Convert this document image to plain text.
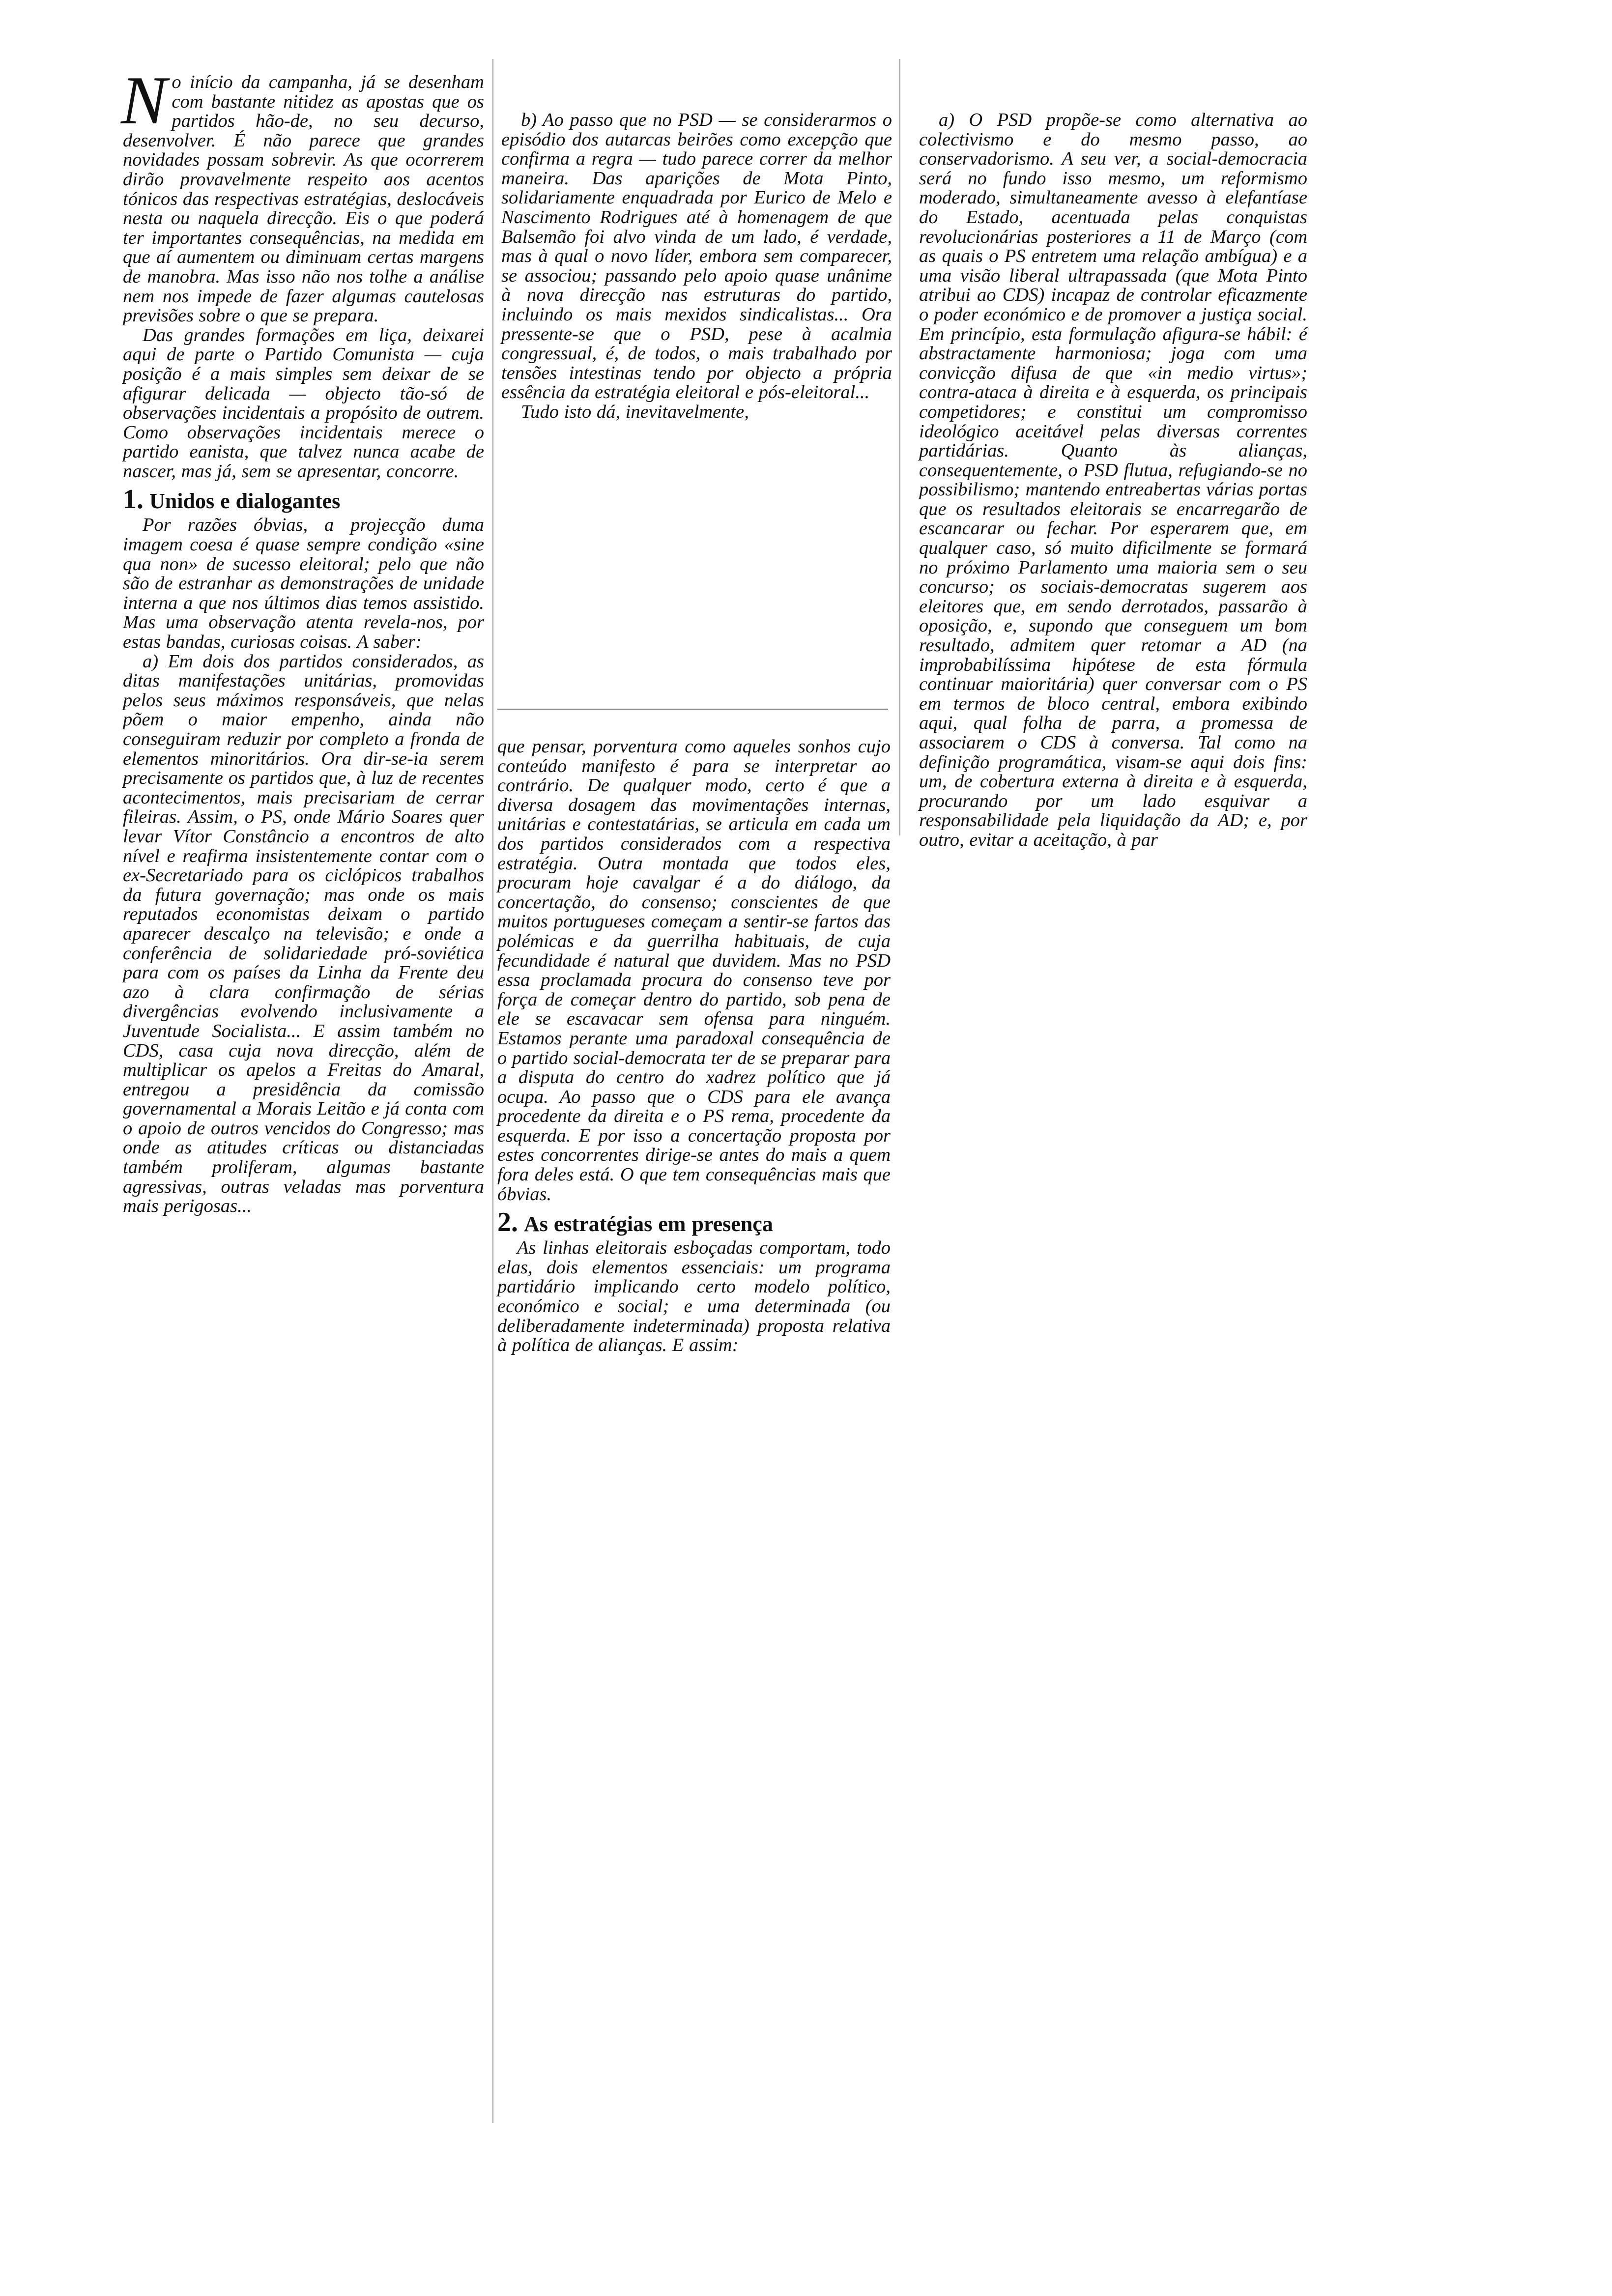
No início da campanha, já se desenham com bastante nitidez as apostas que os partidos hão-de, no seu decurso, desenvolver. É não parece que grandes novidades possam sobrevir. As que ocorrerem dirão provavelmente respeito aos acentos tónicos das respectivas estratégias, deslocáveis nesta ou naquela direcção. Eis o que poderá ter importantes consequências, na medida em que aí aumentem ou diminuam certas margens de manobra. Mas isso não nos tolhe a análise nem nos impede de fazer algumas cautelosas previsões sobre o que se prepara.

Das grandes formações em liça, deixarei aqui de parte o Partido Comunista — cuja posição é a mais simples sem deixar de se afigurar delicada — objecto tão-só de observações incidentais a propósito de outrem. Como observações incidentais merece o partido eanista, que talvez nunca acabe de nascer, mas já, sem se apresentar, concorre.

1. Unidos e dialogantes

Por razões óbvias, a projecção duma imagem coesa é quase sempre condição «sine qua non» de sucesso eleitoral; pelo que não são de estranhar as demonstrações de unidade interna a que nos últimos dias temos assistido. Mas uma observação atenta revela-nos, por estas bandas, curiosas coisas. A saber:

a) Em dois dos partidos considerados, as ditas manifestações unitárias, promovidas pelos seus máximos responsáveis, que nelas põem o maior empenho, ainda não conseguiram reduzir por completo a fronda de elementos minoritários. Ora dir-se-ia serem precisamente os partidos que, à luz de recentes acontecimentos, mais precisariam de cerrar fileiras. Assim, o PS, onde Mário Soares quer levar Vítor Constâncio a encontros de alto nível e reafirma insistentemente contar com o ex-Secretariado para os ciclópicos trabalhos da futura governação; mas onde os mais reputados economistas deixam o partido aparecer descalço na televisão; e onde a conferência de solidariedade pró-soviética para com os países da Linha da Frente deu azo à clara confirmação de sérias divergências evolvendo inclusivamente a Juventude Socialista... E assim também no CDS, casa cuja nova direcção, além de multiplicar os apelos a Freitas do Amaral, entregou a presidência da comissão governamental a Morais Leitão e já conta com o apoio de outros vencidos do Congresso; mas onde as atitudes críticas ou distanciadas também proliferam, algumas bastante agressivas, outras veladas mas porventura mais perigosas...

b) Ao passo que no PSD — se considerarmos o episódio dos autarcas beirões como excepção que confirma a regra — tudo parece correr da melhor maneira. Das aparições de Mota Pinto, solidariamente enquadrada por Eurico de Melo e Nascimento Rodrigues até à homenagem de que Balsemão foi alvo vinda de um lado, é verdade, mas à qual o novo líder, embora sem comparecer, se associou; passando pelo apoio quase unânime à nova direcção nas estruturas do partido, incluindo os mais mexidos sindicalistas... Ora pressente-se que o PSD, pese à acalmia congressual, é, de todos, o mais trabalhado por tensões intestinas tendo por objecto a própria essência da estratégia eleitoral e pós-eleitoral...

Tudo isto dá, inevitavelmente,

que pensar, porventura como aqueles sonhos cujo conteúdo manifesto é para se interpretar ao contrário. De qualquer modo, certo é que a diversa dosagem das movimentações internas, unitárias e contestatárias, se articula em cada um dos partidos considerados com a respectiva estratégia. Outra montada que todos eles, procuram hoje cavalgar é a do diálogo, da concertação, do consenso; conscientes de que muitos portugueses começam a sentir-se fartos das polémicas e da guerrilha habituais, de cuja fecundidade é natural que duvidem. Mas no PSD essa proclamada procura do consenso teve por força de começar dentro do partido, sob pena de ele se escavacar sem ofensa para ninguém. Estamos perante uma paradoxal consequência de o partido social-democrata ter de se preparar para a disputa do centro do xadrez político que já ocupa. Ao passo que o CDS para ele avança procedente da direita e o PS rema, procedente da esquerda. E por isso a concertação proposta por estes concorrentes dirige-se antes do mais a quem fora deles está. O que tem consequências mais que óbvias.

2. As estratégias em presença

As linhas eleitorais esboçadas comportam, todo elas, dois elementos essenciais: um programa partidário implicando certo modelo político, económico e social; e uma determinada (ou deliberadamente indeterminada) proposta relativa à política de alianças. E assim:

a) O PSD propõe-se como alternativa ao colectivismo e do mesmo passo, ao conservadorismo. A seu ver, a social-democracia será no fundo isso mesmo, um reformismo moderado, simultaneamente avesso à elefantíase do Estado, acentuada pelas conquistas revolucionárias posteriores a 11 de Março (com as quais o PS entretem uma relação ambígua) e a uma visão liberal ultrapassada (que Mota Pinto atribui ao CDS) incapaz de controlar eficazmente o poder económico e de promover a justiça social. Em princípio, esta formulação afigura-se hábil: é abstractamente harmoniosa; joga com uma convicção difusa de que «in medio virtus»; contra-ataca à direita e à esquerda, os principais competidores; e constitui um compromisso ideológico aceitável pelas diversas correntes partidárias. Quanto às alianças, consequentemente, o PSD flutua, refugiando-se no possibilismo; mantendo entreabertas várias portas que os resultados eleitorais se encarregarão de escancarar ou fechar. Por esperarem que, em qualquer caso, só muito dificilmente se formará no próximo Parlamento uma maioria sem o seu concurso; os sociais-democratas sugerem aos eleitores que, em sendo derrotados, passarão à oposição, e, supondo que conseguem um bom resultado, admitem quer retomar a AD (na improbabilíssima hipótese de esta fórmula continuar maioritária) quer conversar com o PS em termos de bloco central, embora exibindo aqui, qual folha de parra, a promessa de associarem o CDS à conversa. Tal como na definição programática, visam-se aqui dois fins: um, de cobertura externa à direita e à esquerda, procurando por um lado esquivar a responsabilidade pela liquidação da AD; e, por outro, evitar a aceitação, à par
